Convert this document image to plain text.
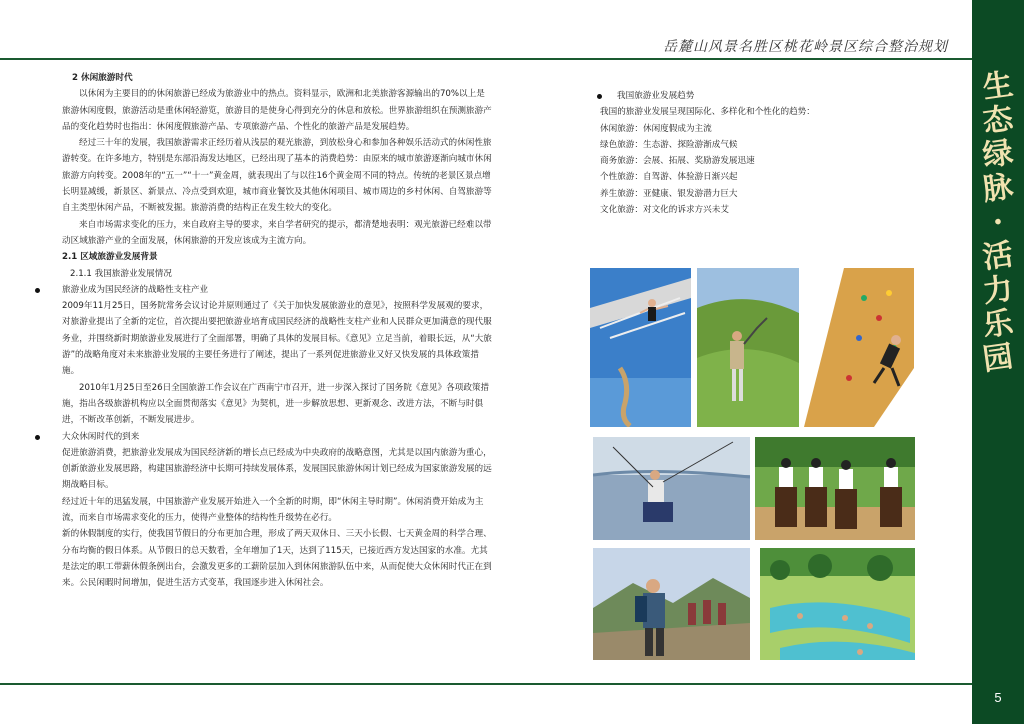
生
态
绿
脉
·
活
力
乐
园
5
岳麓山风景名胜区桃花岭景区综合整治规划

2 休闲旅游时代

以休闲为主要目的的休闲旅游已经成为旅游业中的热点。资料显示，欧洲和北美旅游客源输出的70%以上是旅游休闲度假，旅游活动是重休闲轻游览，旅游目的是使身心得到充分的休息和放松。世界旅游组织在预测旅游产品的变化趋势时也指出：休闲度假旅游产品、专项旅游产品、个性化的旅游产品是发展趋势。

经过三十年的发展，我国旅游需求正经历着从浅层的观光旅游，到放松身心和参加各种娱乐活动式的休闲性旅游转变。在许多地方，特别是东部沿海发达地区，已经出现了基本的消费趋势：由原来的城市旅游逐渐向城市休闲旅游方向转变。2008年的“五一”“十一”黄金周，就表现出了与以往16个黄金周不同的特点。传统的老景区景点增长明显减缓，新景区、新景点、冷点受到欢迎，城市商业餐饮及其他休闲项目、城市周边的乡村休闲、自驾旅游等自主类型休闲产品，不断被发掘。旅游消费的结构正在发生较大的变化。

来自市场需求变化的压力，来自政府主导的要求，来自学者研究的提示，都清楚地表明：观光旅游已经难以带动区域旅游产业的全面发展，休闲旅游的开发应该成为主流方向。

2.1 区域旅游业发展背景

2.1.1 我国旅游业发展情况

旅游业成为国民经济的战略性支柱产业

2009年11月25日，国务院常务会议讨论并原则通过了《关于加快发展旅游业的意见》，按照科学发展观的要求，对旅游业提出了全新的定位，首次提出要把旅游业培育成国民经济的战略性支柱产业和人民群众更加满意的现代服务业，并围绕新时期旅游业发展进行了全面部署，明确了具体的发展目标。《意见》立足当前，着眼长远，从“大旅游”的战略角度对未来旅游业发展的主要任务进行了阐述，提出了一系列促进旅游业又好又快发展的具体政策措施。

2010年1月25日至26日全国旅游工作会议在广西南宁市召开，进一步深入探讨了国务院《意见》各项政策措施，指出各级旅游机构应以全面贯彻落实《意见》为契机，进一步解放思想、更新观念、改进方法，不断与时俱进，不断改革创新，不断发展进步。

大众休闲时代的到来

促进旅游消费，把旅游业发展成为国民经济新的增长点已经成为中央政府的战略意图，尤其是以国内旅游为重心，创新旅游业发展思路，构建国旅游经济中长期可持续发展体系，发展国民旅游休闲计划已经成为国家旅游发展的远期战略目标。

经过近十年的迅猛发展，中国旅游产业发展开始进入一个全新的时期，即“休闲主导时期”。休闲消费开始成为主流，而来自市场需求变化的压力，使得产业整体的结构性升级势在必行。

新的休假制度的实行，使我国节假日的分布更加合理，形成了两天双休日、三天小长假、七天黄金周的科学合理、分布均衡的假日体系。从节假日的总天数看，全年增加了1天，达到了115天，已接近西方发达国家的水准。尤其是法定的职工带薪休假条例出台，会激发更多的工薪阶层加入到休闲旅游队伍中来，从而促使大众休闲时代正在到来。公民闲暇时间增加，促进生活方式变革，我国逐步进入休闲社会。

我国旅游业发展趋势

我国的旅游业发展呈现国际化、多样化和个性化的趋势：

休闲旅游：休闲度假成为主流

绿色旅游：生态游、探险游渐成气候

商务旅游：会展、拓展、奖励游发展迅速

个性旅游：自驾游、体验游日渐兴起

养生旅游：亚健康、银发游潜力巨大

文化旅游：对文化的诉求方兴未艾
